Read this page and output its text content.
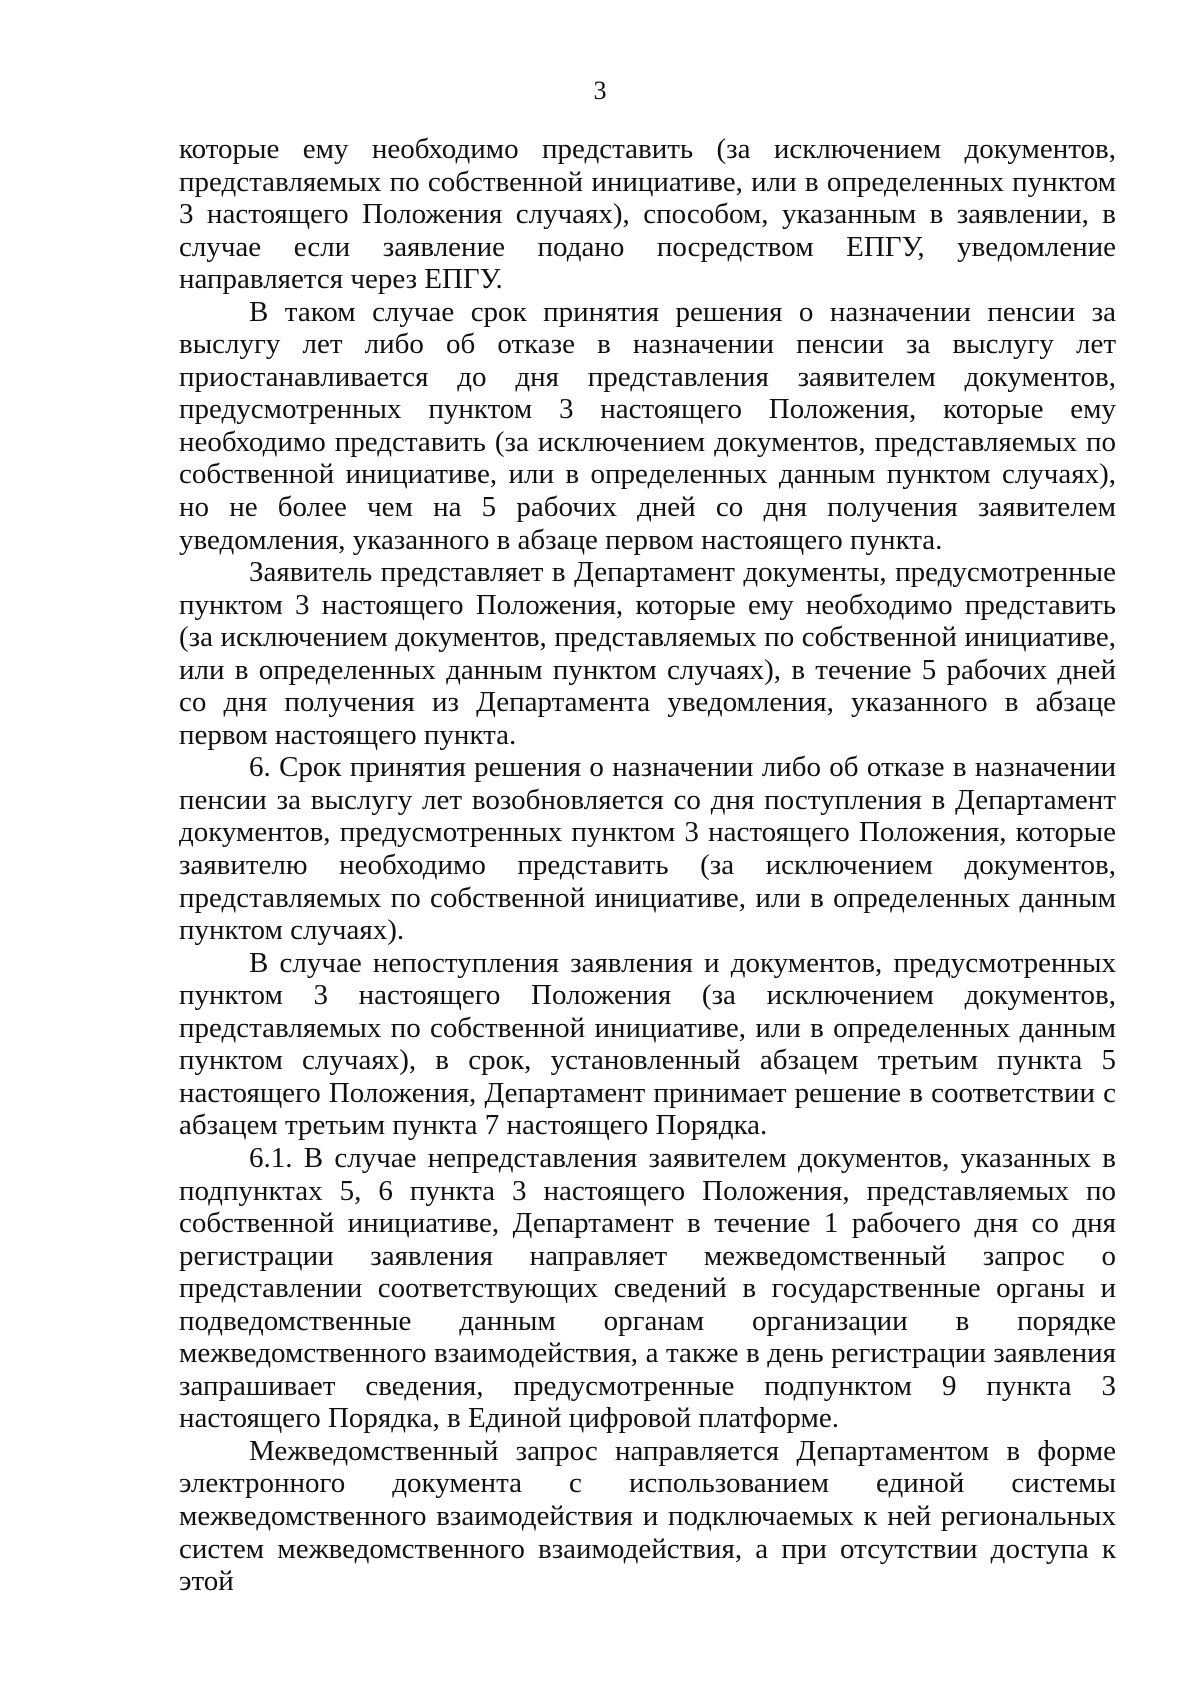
3

которые ему необходимо представить (за исключением документов, представляемых по собственной инициативе, или в определенных пунктом 3 настоящего Положения случаях), способом, указанным в заявлении, в случае если заявление подано посредством ЕПГУ, уведомление направляется через ЕПГУ.

В таком случае срок принятия решения о назначении пенсии за выслугу лет либо об отказе в назначении пенсии за выслугу лет приостанавливается до дня представления заявителем документов, предусмотренных пунктом 3 настоящего Положения, которые ему необходимо представить (за исключением документов, представляемых по собственной инициативе, или в определенных данным пунктом случаях), но не более чем на 5 рабочих дней со дня получения заявителем уведомления, указанного в абзаце первом настоящего пункта.

Заявитель представляет в Департамент документы, предусмотренные пунктом 3 настоящего Положения, которые ему необходимо представить (за исключением документов, представляемых по собственной инициативе, или в определенных данным пунктом случаях), в течение 5 рабочих дней со дня получения из Департамента уведомления, указанного в абзаце первом настоящего пункта.

6. Срок принятия решения о назначении либо об отказе в назначении пенсии за выслугу лет возобновляется со дня поступления в Департамент документов, предусмотренных пунктом 3 настоящего Положения, которые заявителю необходимо представить (за исключением документов, представляемых по собственной инициативе, или в определенных данным пунктом случаях).

В случае непоступления заявления и документов, предусмотренных пунктом 3 настоящего Положения (за исключением документов, представляемых по собственной инициативе, или в определенных данным пунктом случаях), в срок, установленный абзацем третьим пункта 5 настоящего Положения, Департамент принимает решение в соответствии с абзацем третьим пункта 7 настоящего Порядка.

6.1. В случае непредставления заявителем документов, указанных в подпунктах 5, 6 пункта 3 настоящего Положения, представляемых по собственной инициативе, Департамент в течение 1 рабочего дня со дня регистрации заявления направляет межведомственный запрос о представлении соответствующих сведений в государственные органы и подведомственные данным органам организации в порядке межведомственного взаимодействия, а также в день регистрации заявления запрашивает сведения, предусмотренные подпунктом 9 пункта 3 настоящего Порядка, в Единой цифровой платформе.

Межведомственный запрос направляется Департаментом в форме электронного документа с использованием единой системы межведомственного взаимодействия и подключаемых к ней региональных систем межведомственного взаимодействия, а при отсутствии доступа к этой
